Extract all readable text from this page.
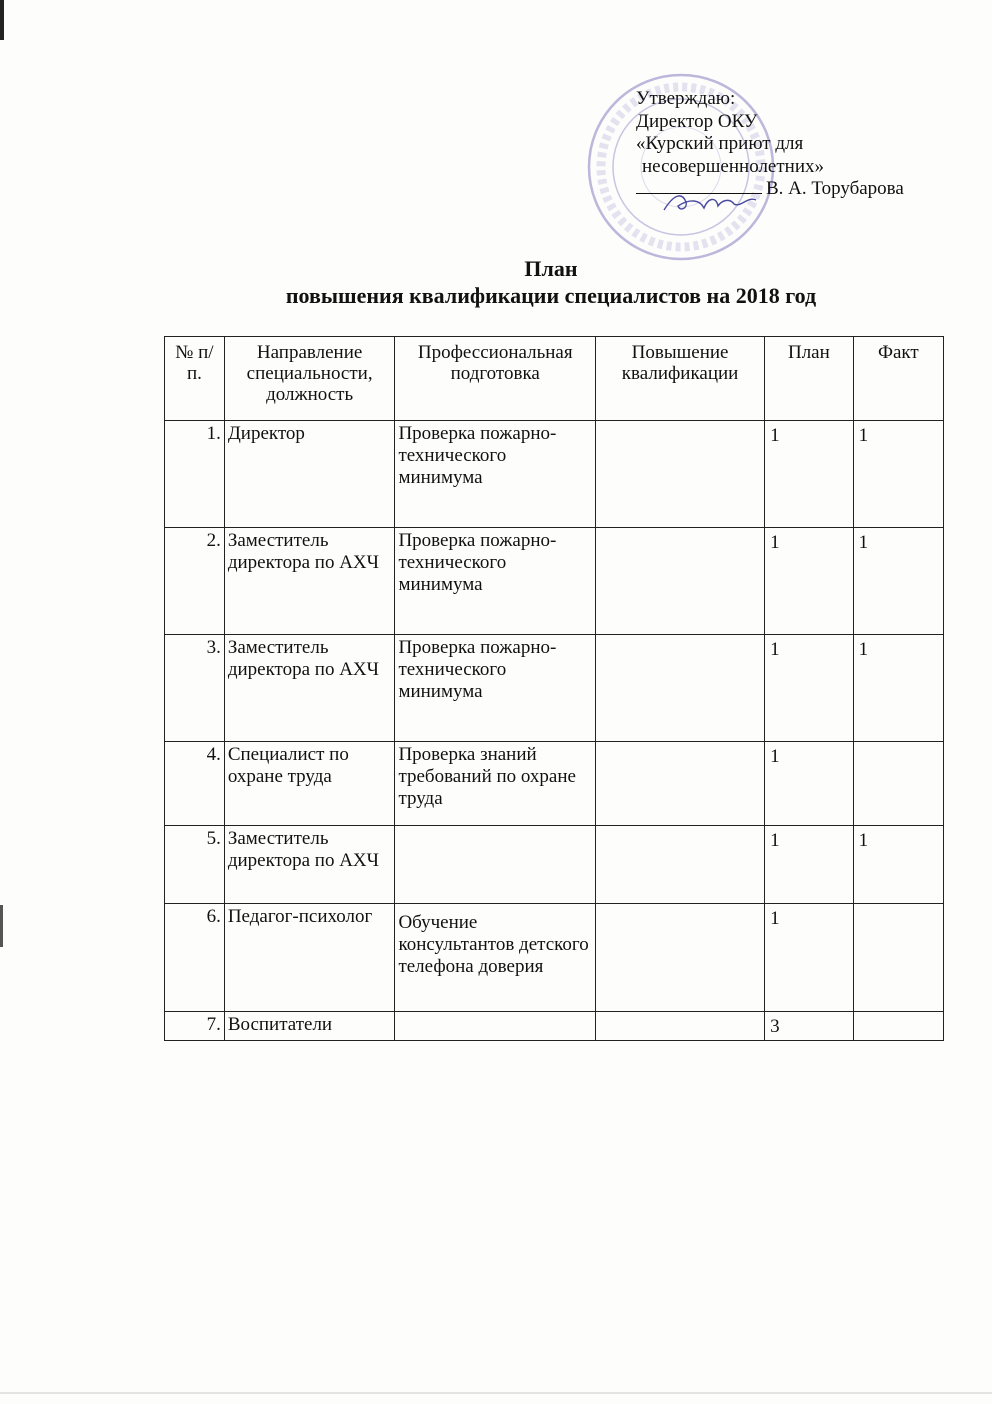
Утверждаю:
Директор ОКУ
«Курский приют для
несовершеннолетних»
В. А. Торубарова
План
повышения квалификации специалистов на 2018 год
№ п/п.	Направление специальности, должность	Профессиональная подготовка	Повышение квалификации	План	Факт
1.	Директор	Проверка пожарно-технического минимума		1	1
2.	Заместитель директора по АХЧ	Проверка пожарно-технического минимума		1	1
3.	Заместитель директора по АХЧ	Проверка пожарно-технического минимума		1	1
4.	Специалист по охране труда	Проверка знаний требований по охране труда		1	
5.	Заместитель директора по АХЧ			1	1
6.	Педагог-психолог	Обучение консультантов детского телефона доверия		1	
7.	Воспитатели			3	
